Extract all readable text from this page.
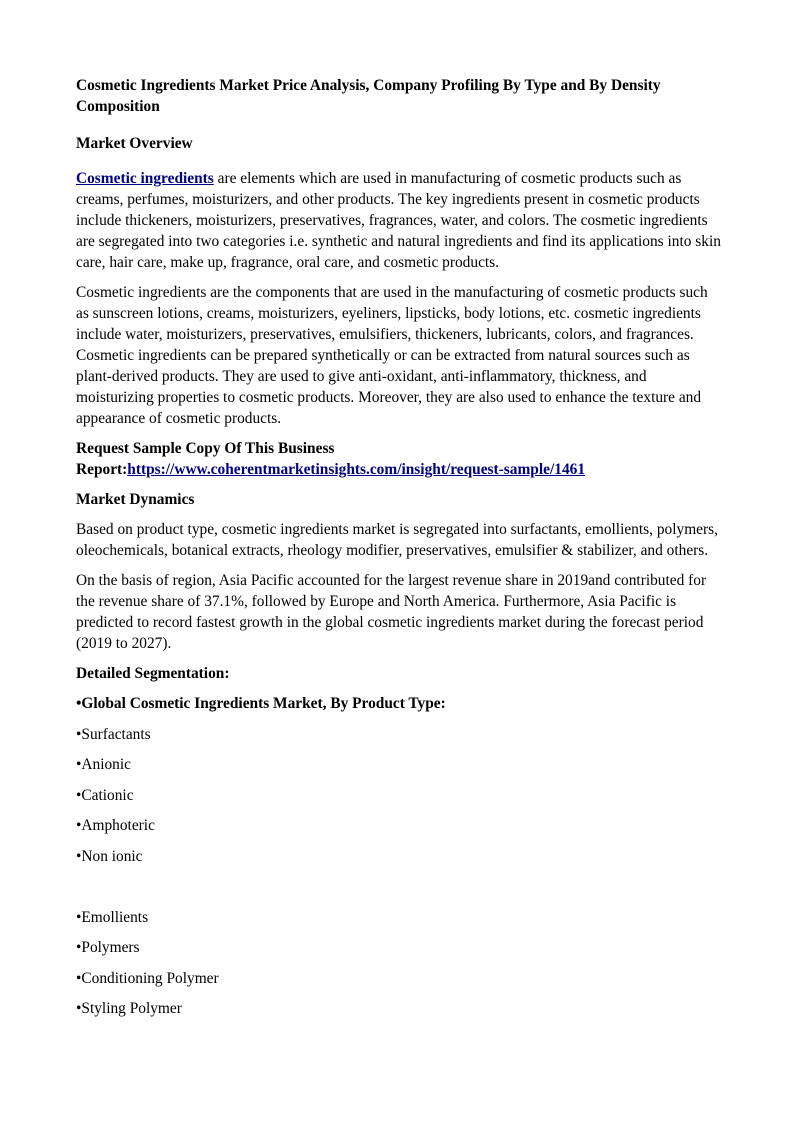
Cosmetic Ingredients Market Price Analysis, Company Profiling By Type and By Density Composition

Market Overview

Cosmetic ingredients are elements which are used in manufacturing of cosmetic products such as creams, perfumes, moisturizers, and other products. The key ingredients present in cosmetic products include thickeners, moisturizers, preservatives, fragrances, water, and colors. The cosmetic ingredients are segregated into two categories i.e. synthetic and natural ingredients and find its applications into skin care, hair care, make up, fragrance, oral care, and cosmetic products.

Cosmetic ingredients are the components that are used in the manufacturing of cosmetic products such as sunscreen lotions, creams, moisturizers, eyeliners, lipsticks, body lotions, etc. cosmetic ingredients include water, moisturizers, preservatives, emulsifiers, thickeners, lubricants, colors, and fragrances. Cosmetic ingredients can be prepared synthetically or can be extracted from natural sources such as plant-derived products. They are used to give anti-oxidant, anti-inflammatory, thickness, and moisturizing properties to cosmetic products. Moreover, they are also used to enhance the texture and appearance of cosmetic products.

Request Sample Copy Of This Business
Report:https://www.coherentmarketinsights.com/insight/request-sample/1461

Market Dynamics

Based on product type, cosmetic ingredients market is segregated into surfactants, emollients, polymers, oleochemicals, botanical extracts, rheology modifier, preservatives, emulsifier & stabilizer, and others.

On the basis of region, Asia Pacific accounted for the largest revenue share in 2019and contributed for the revenue share of 37.1%, followed by Europe and North America. Furthermore, Asia Pacific is predicted to record fastest growth in the global cosmetic ingredients market during the forecast period (2019 to 2027).

Detailed Segmentation:

•Global Cosmetic Ingredients Market, By Product Type:

•Surfactants

•Anionic

•Cationic

•Amphoteric

•Non ionic

•Emollients

•Polymers

•Conditioning Polymer

•Styling Polymer
